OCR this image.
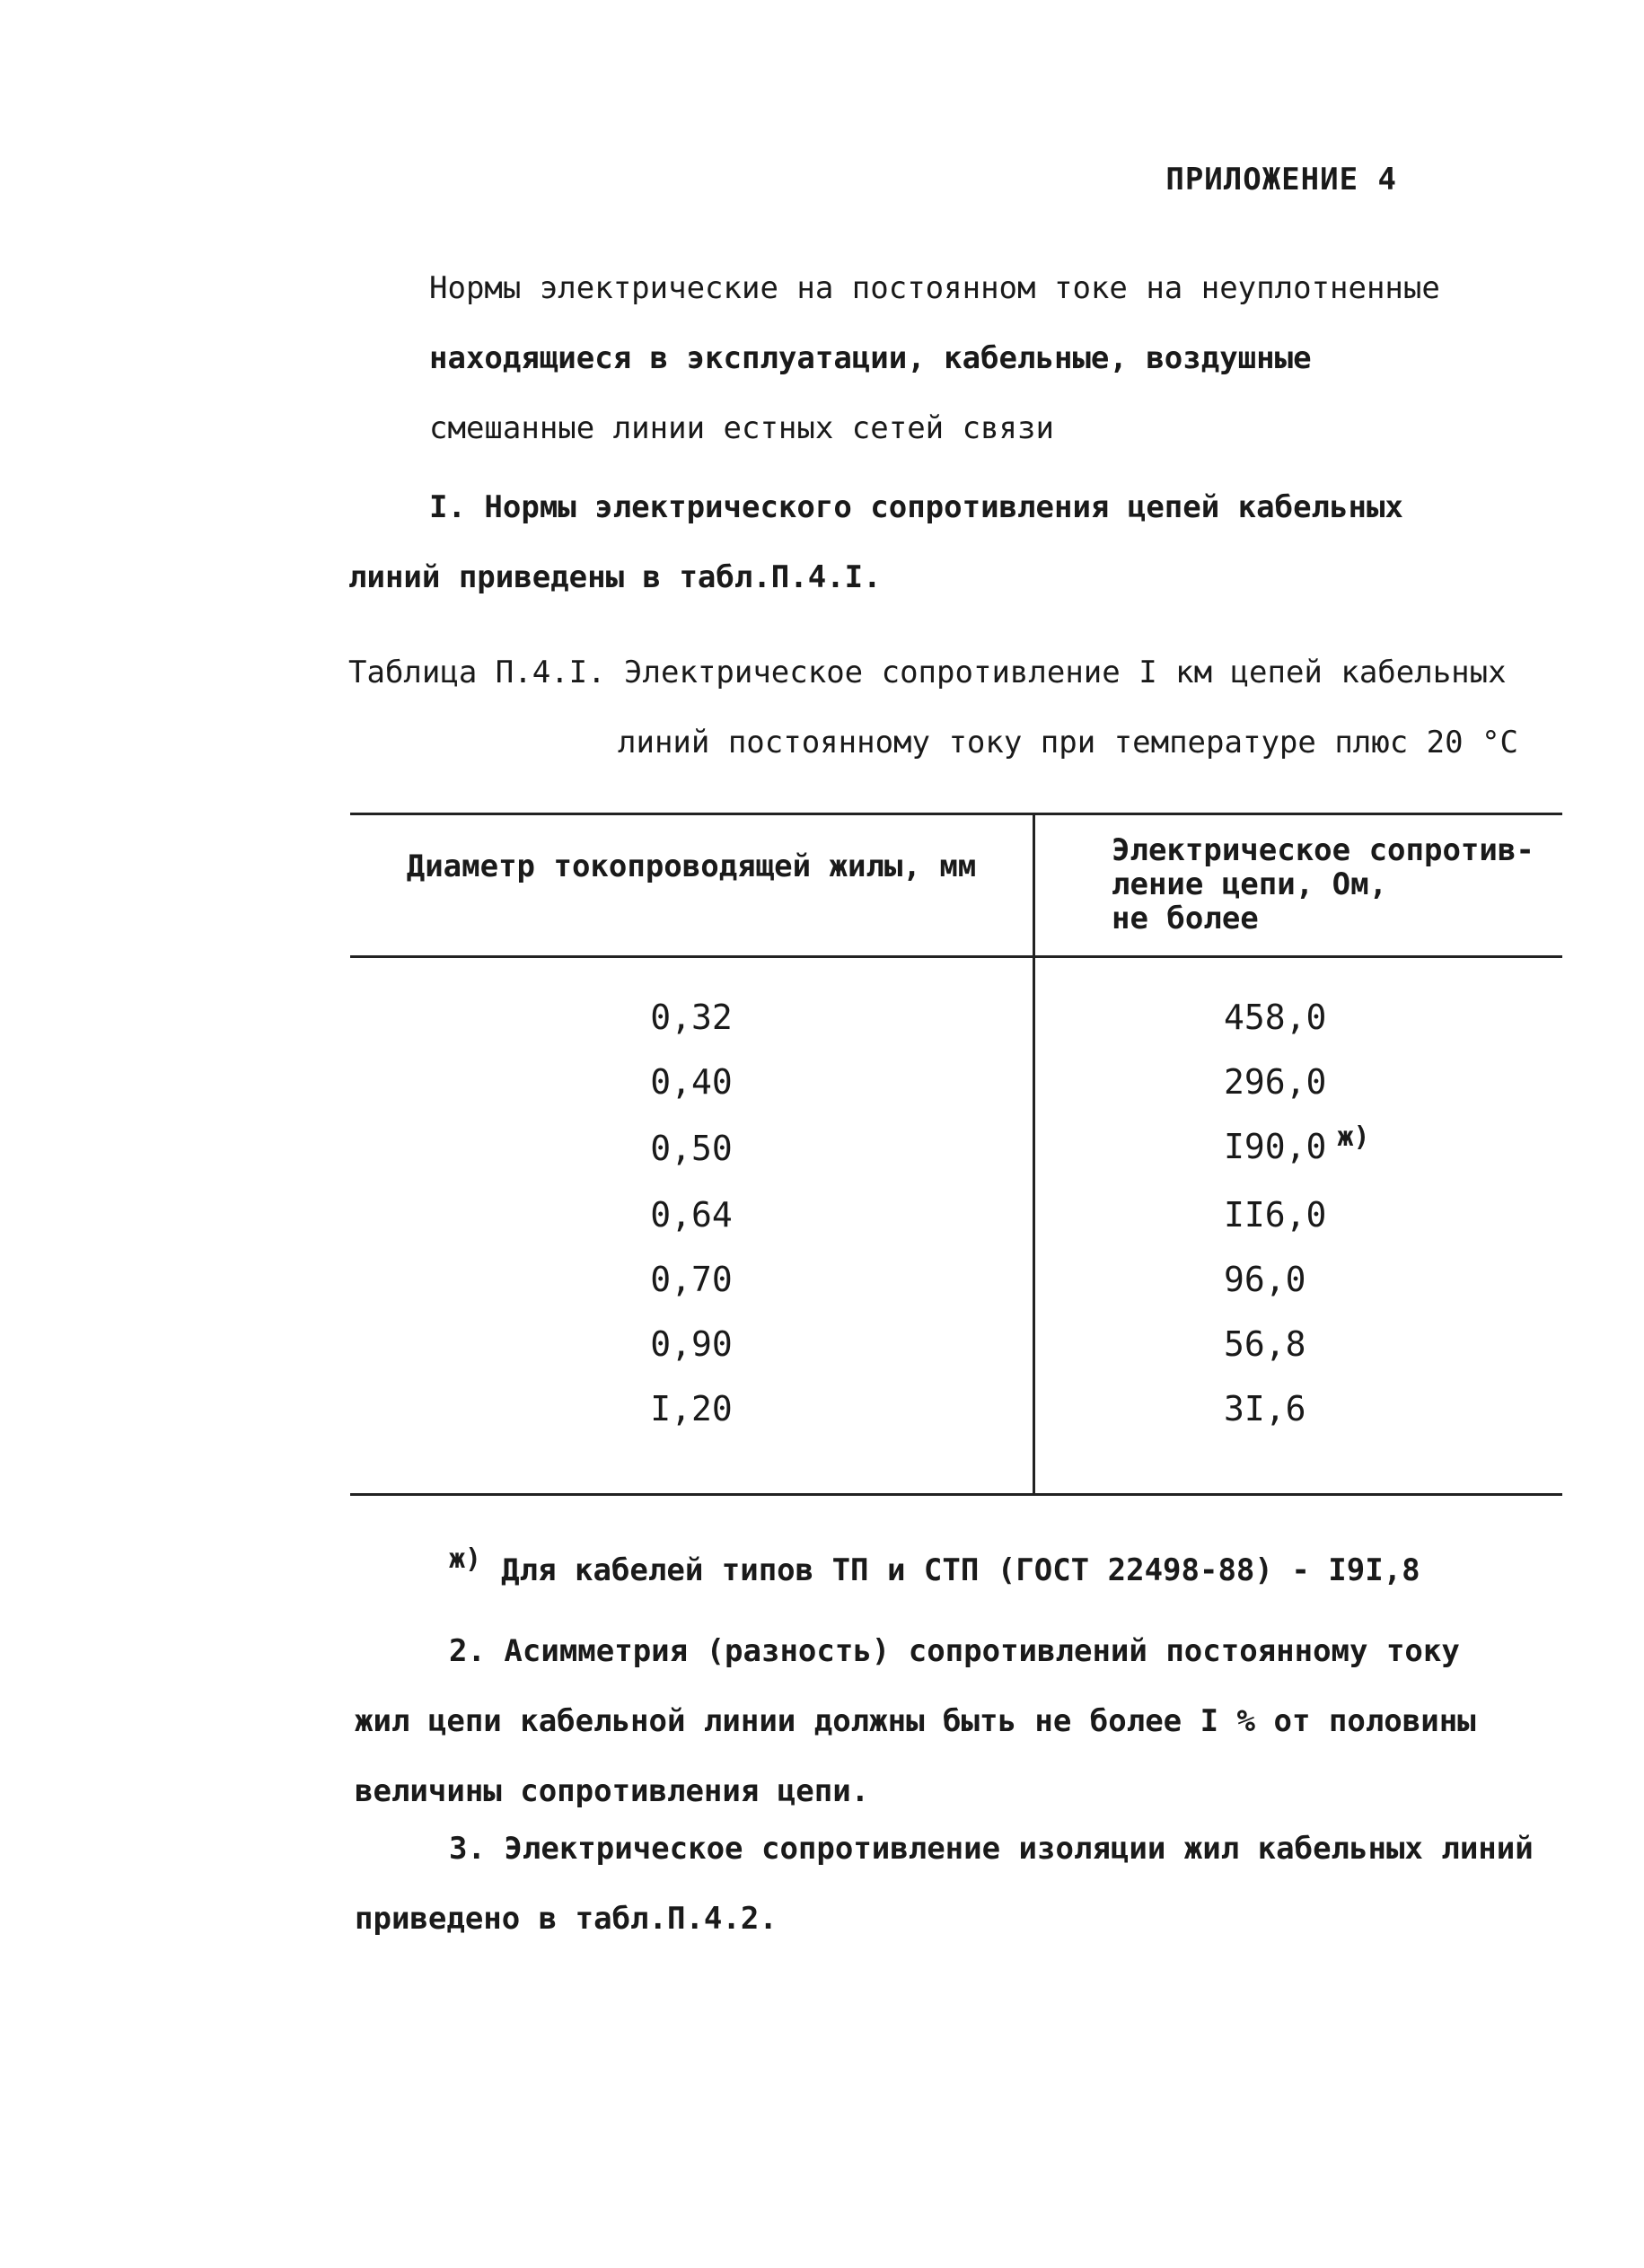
ПРИЛОЖЕНИЕ 4
Нормы электрические на постоянном токе на неуплотненные
находящиеся в эксплуатации, кабельные, воздушные
смешанные линии естных сетей связи
I. Нормы электрического сопротивления цепей кабельных
линий приведены в табл.П.4.I.
Таблица П.4.I. Электрическое сопротивление I км цепей кабельных
линий постоянному току при температуре плюс 20 °С
Диаметр токопроводящей жилы, мм	Электрическое сопротив-
ление цепи, Ом,
не более

0,32	458,0
0,40	296,0
0,50	I90,0 $^{ж)}$
0,64	II6,0
0,70	96,0
0,90	56,8
I,20	3I,6
ж) Для кабелей типов ТП и СТП (ГОСТ 22498-88) - I9I,8
2. Асимметрия (разность) сопротивлений постоянному току
жил цепи кабельной линии должны быть не более I % от половины
величины сопротивления цепи.
3. Электрическое сопротивление изоляции жил кабельных линий
приведено в табл.П.4.2.
